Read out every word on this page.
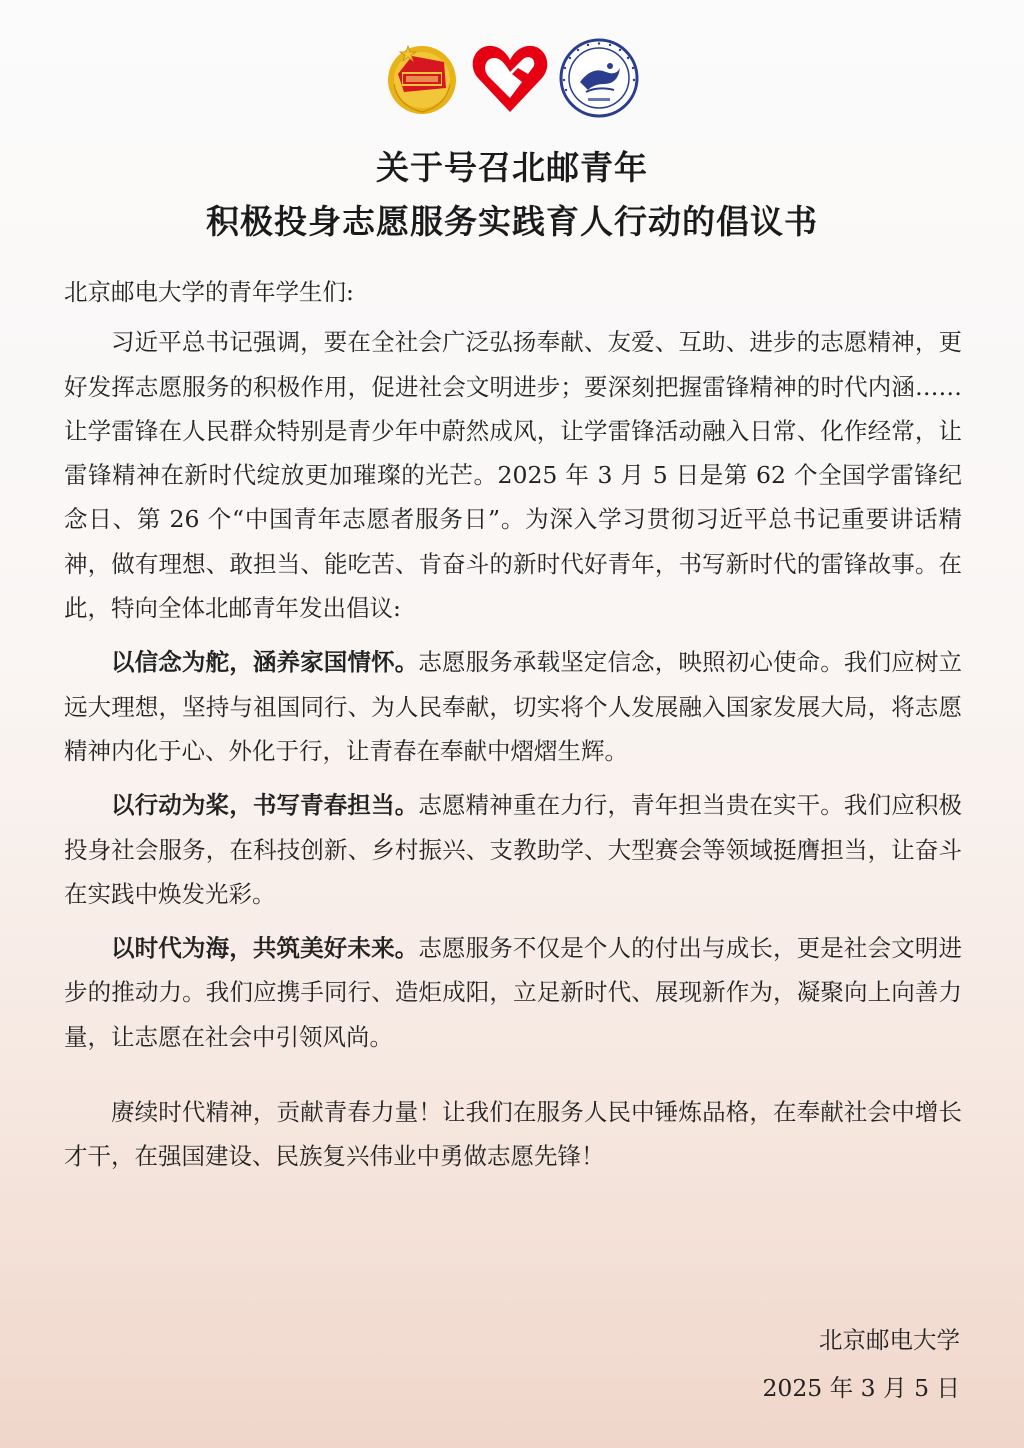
关于号召北邮青年
积极投身志愿服务实践育人行动的倡议书

北京邮电大学的青年学生们:

习近平总书记强调，要在全社会广泛弘扬奉献、友爱、互助、进步的志愿精神，更好发挥志愿服务的积极作用，促进社会文明进步；要深刻把握雷锋精神的时代内涵……让学雷锋在人民群众特别是青少年中蔚然成风，让学雷锋活动融入日常、化作经常，让雷锋精神在新时代绽放更加璀璨的光芒。2025 年 3 月 5 日是第 62 个全国学雷锋纪念日、第 26 个“中国青年志愿者服务日”。为深入学习贯彻习近平总书记重要讲话精神，做有理想、敢担当、能吃苦、肯奋斗的新时代好青年，书写新时代的雷锋故事。在此，特向全体北邮青年发出倡议:

以信念为舵，涵养家国情怀。志愿服务承载坚定信念，映照初心使命。我们应树立远大理想，坚持与祖国同行、为人民奉献，切实将个人发展融入国家发展大局，将志愿精神内化于心、外化于行，让青春在奉献中熠熠生辉。

以行动为桨，书写青春担当。志愿精神重在力行，青年担当贵在实干。我们应积极投身社会服务，在科技创新、乡村振兴、支教助学、大型赛会等领域挺膺担当，让奋斗在实践中焕发光彩。

以时代为海，共筑美好未来。志愿服务不仅是个人的付出与成长，更是社会文明进步的推动力。我们应携手同行、造炬成阳，立足新时代、展现新作为，凝聚向上向善力量，让志愿在社会中引领风尚。

赓续时代精神，贡献青春力量！让我们在服务人民中锤炼品格，在奉献社会中增长才干，在强国建设、民族复兴伟业中勇做志愿先锋！

北京邮电大学
2025 年 3 月 5 日
